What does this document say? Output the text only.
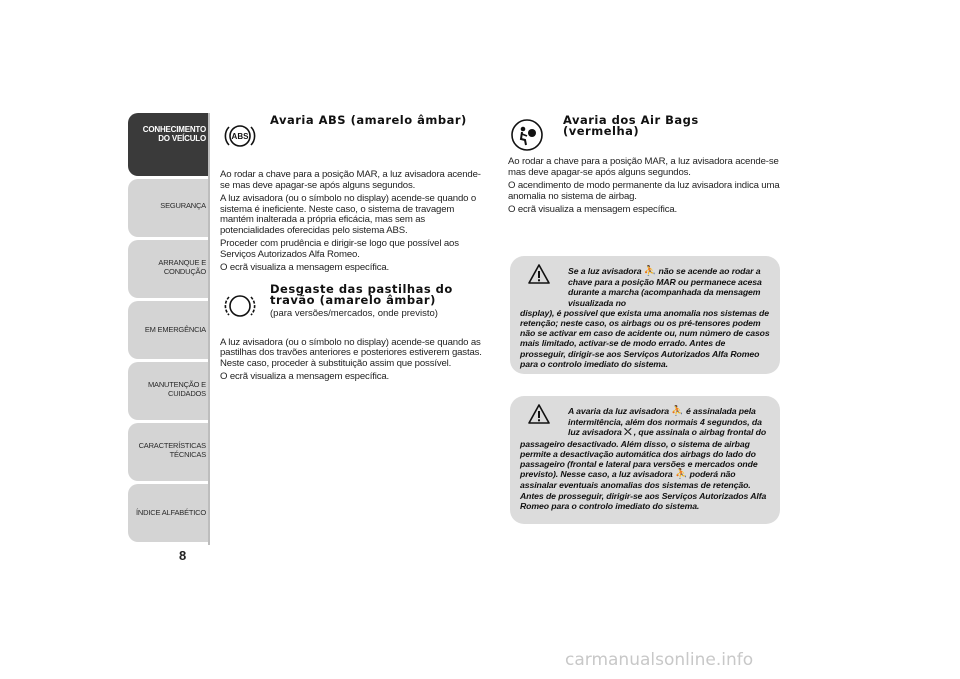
CONHECIMENTO
DO VEÍCULO
SEGURANÇA
ARRANQUE E
CONDUÇÃO
EM EMERGÊNCIA
MANUTENÇÃO E
CUIDADOS
CARACTERÍSTICAS
TÉCNICAS
ÍNDICE ALFABÉTICO
8
ABS
Avaria ABS (amarelo âmbar)

Ao rodar a chave para a posição MAR, a luz avisadora acende-se mas deve apagar-se após alguns segundos.

A luz avisadora (ou o símbolo no display) acende-se quando o sistema é ineficiente. Neste caso, o sistema de travagem mantém inalterada a própria eficácia, mas sem as potencialidades oferecidas pelo sistema ABS.

Proceder com prudência e dirigir-se logo que possível aos Serviços Autorizados Alfa Romeo.

O ecrã visualiza a mensagem específica.

Desgaste das pastilhas do
travão (amarelo âmbar)
(para versões/mercados, onde previsto)

A luz avisadora (ou o símbolo no display) acende-se quando as pastilhas dos travões anteriores e posteriores estiverem gastas. Neste caso, proceder à substituição assim que possível.

O ecrã visualiza a mensagem específica.

Avaria dos Air Bags
(vermelha)

Ao rodar a chave para a posição MAR, a luz avisadora acende-se mas deve apagar-se após alguns segundos.

O acendimento de modo permanente da luz avisadora indica uma anomalia no sistema de airbag.

O ecrã visualiza a mensagem específica.

Se a luz avisadora ⛹ não se acende ao rodar a chave para a posição MAR ou permanece acesa durante a marcha (acompanhada da mensagem visualizada no
display), é possível que exista uma anomalia nos sistemas de retenção; neste caso, os airbags ou os pré-tensores podem não se activar em caso de acidente ou, num número de casos mais limitado, activar-se de modo errado. Antes de prosseguir, dirigir-se aos Serviços Autorizados Alfa Romeo para o controlo imediato do sistema.
A avaria da luz avisadora ⛹ é assinalada pela intermitência, além dos normais 4 segundos, da luz avisadora ⛌ , que assinala o airbag frontal do
passageiro desactivado. Além disso, o sistema de airbag permite a desactivação automática dos airbags do lado do passageiro (frontal e lateral para versões e mercados onde previsto). Nesse caso, a luz avisadora ⛹ poderá não assinalar eventuais anomalias dos sistemas de retenção. Antes de prosseguir, dirigir-se aos Serviços Autorizados Alfa Romeo para o controlo imediato do sistema.
carmanualsonline.info
